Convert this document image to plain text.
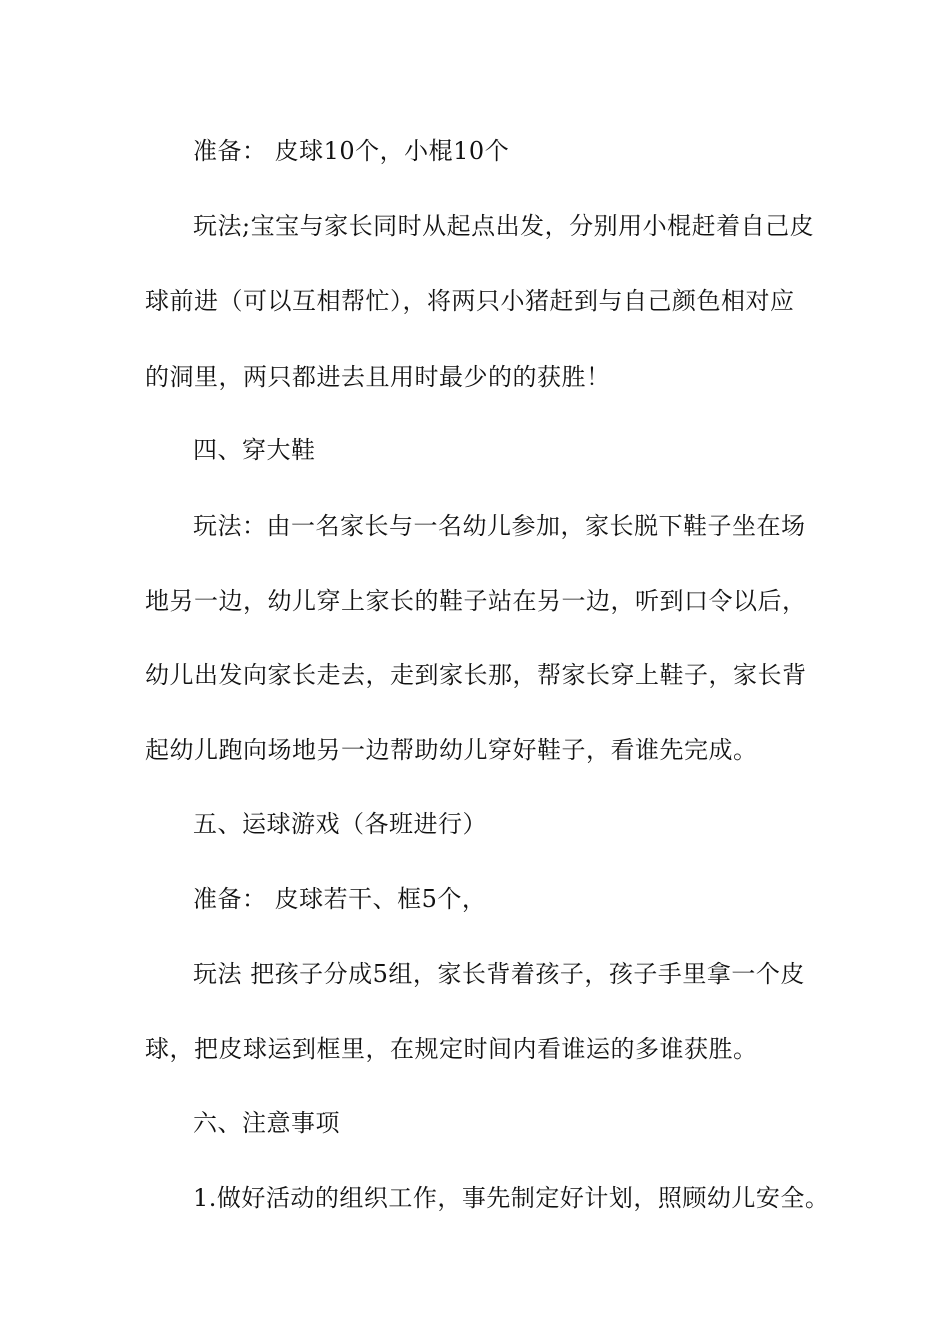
准备： 皮球10个，小棍10个
玩法;宝宝与家长同时从起点出发，分别用小棍赶着自己皮
球前进（可以互相帮忙），将两只小猪赶到与自己颜色相对应
的洞里，两只都进去且用时最少的的获胜！
四、穿大鞋
玩法：由一名家长与一名幼儿参加，家长脱下鞋子坐在场
地另一边，幼儿穿上家长的鞋子站在另一边，听到口令以后，
幼儿出发向家长走去，走到家长那，帮家长穿上鞋子，家长背
起幼儿跑向场地另一边帮助幼儿穿好鞋子，看谁先完成。
五、运球游戏（各班进行）
准备： 皮球若干、框5个，
玩法 把孩子分成5组，家长背着孩子，孩子手里拿一个皮
球，把皮球运到框里，在规定时间内看谁运的多谁获胜。
六、注意事项
1.做好活动的组织工作，事先制定好计划，照顾幼儿安全。
